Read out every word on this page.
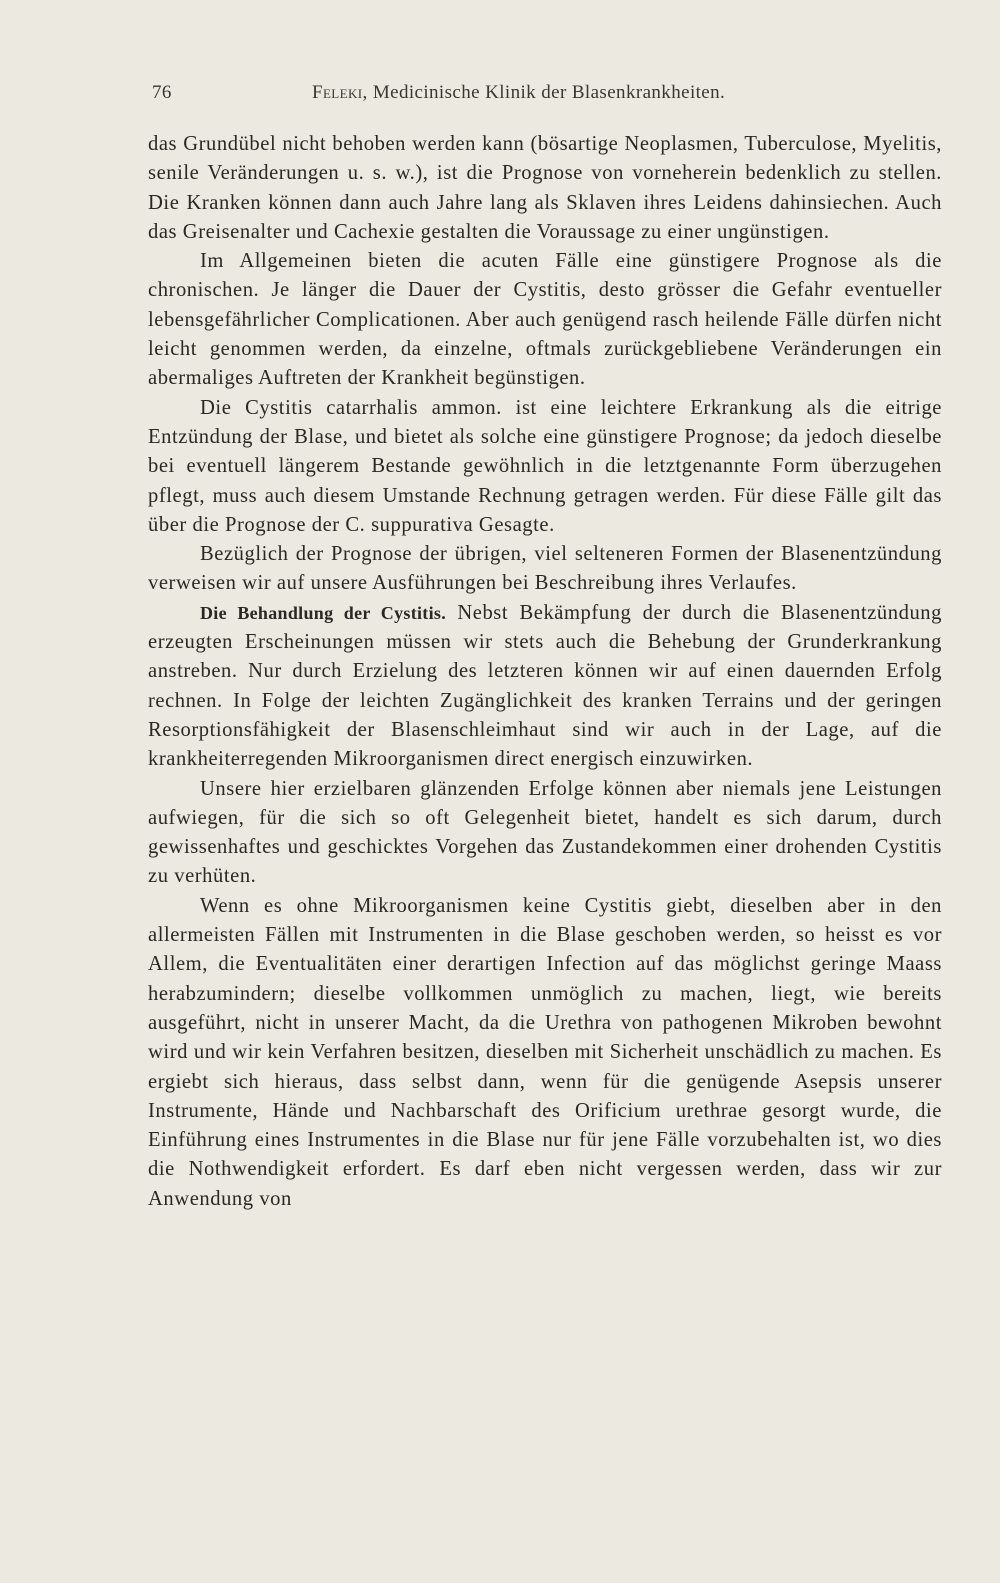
76	Feleki, Medicinische Klinik der Blasenkrankheiten.

das Grundübel nicht behoben werden kann (bösartige Neoplasmen, Tuberculose, Myelitis, senile Veränderungen u. s. w.), ist die Prognose von vorneherein bedenklich zu stellen. Die Kranken können dann auch Jahre lang als Sklaven ihres Leidens dahinsiechen. Auch das Greisenalter und Cachexie gestalten die Voraussage zu einer ungünstigen.

Im Allgemeinen bieten die acuten Fälle eine günstigere Prognose als die chronischen. Je länger die Dauer der Cystitis, desto grösser die Gefahr eventueller lebensgefährlicher Complicationen. Aber auch genügend rasch heilende Fälle dürfen nicht leicht genommen werden, da einzelne, oftmals zurückgebliebene Veränderungen ein abermaliges Auftreten der Krankheit begünstigen.

Die Cystitis catarrhalis ammon. ist eine leichtere Erkrankung als die eitrige Entzündung der Blase, und bietet als solche eine günstigere Prognose; da jedoch dieselbe bei eventuell längerem Bestande gewöhnlich in die letztgenannte Form überzugehen pflegt, muss auch diesem Umstande Rechnung getragen werden. Für diese Fälle gilt das über die Prognose der C. suppurativa Gesagte.

Bezüglich der Prognose der übrigen, viel selteneren Formen der Blasenentzündung verweisen wir auf unsere Ausführungen bei Beschreibung ihres Verlaufes.

Die Behandlung der Cystitis. Nebst Bekämpfung der durch die Blasenentzündung erzeugten Erscheinungen müssen wir stets auch die Behebung der Grunderkrankung anstreben. Nur durch Erzielung des letzteren können wir auf einen dauernden Erfolg rechnen. In Folge der leichten Zugänglichkeit des kranken Terrains und der geringen Resorptionsfähigkeit der Blasenschleimhaut sind wir auch in der Lage, auf die krankheiterregenden Mikroorganismen direct energisch einzuwirken.

Unsere hier erzielbaren glänzenden Erfolge können aber niemals jene Leistungen aufwiegen, für die sich so oft Gelegenheit bietet, handelt es sich darum, durch gewissenhaftes und geschicktes Vorgehen das Zustandekommen einer drohenden Cystitis zu verhüten.

Wenn es ohne Mikroorganismen keine Cystitis giebt, dieselben aber in den allermeisten Fällen mit Instrumenten in die Blase geschoben werden, so heisst es vor Allem, die Eventualitäten einer derartigen Infection auf das möglichst geringe Maass herabzumindern; dieselbe vollkommen unmöglich zu machen, liegt, wie bereits ausgeführt, nicht in unserer Macht, da die Urethra von pathogenen Mikroben bewohnt wird und wir kein Verfahren besitzen, dieselben mit Sicherheit unschädlich zu machen. Es ergiebt sich hieraus, dass selbst dann, wenn für die genügende Asepsis unserer Instrumente, Hände und Nachbarschaft des Orificium urethrae gesorgt wurde, die Einführung eines Instrumentes in die Blase nur für jene Fälle vorzubehalten ist, wo dies die Nothwendigkeit erfordert. Es darf eben nicht vergessen werden, dass wir zur Anwendung von
